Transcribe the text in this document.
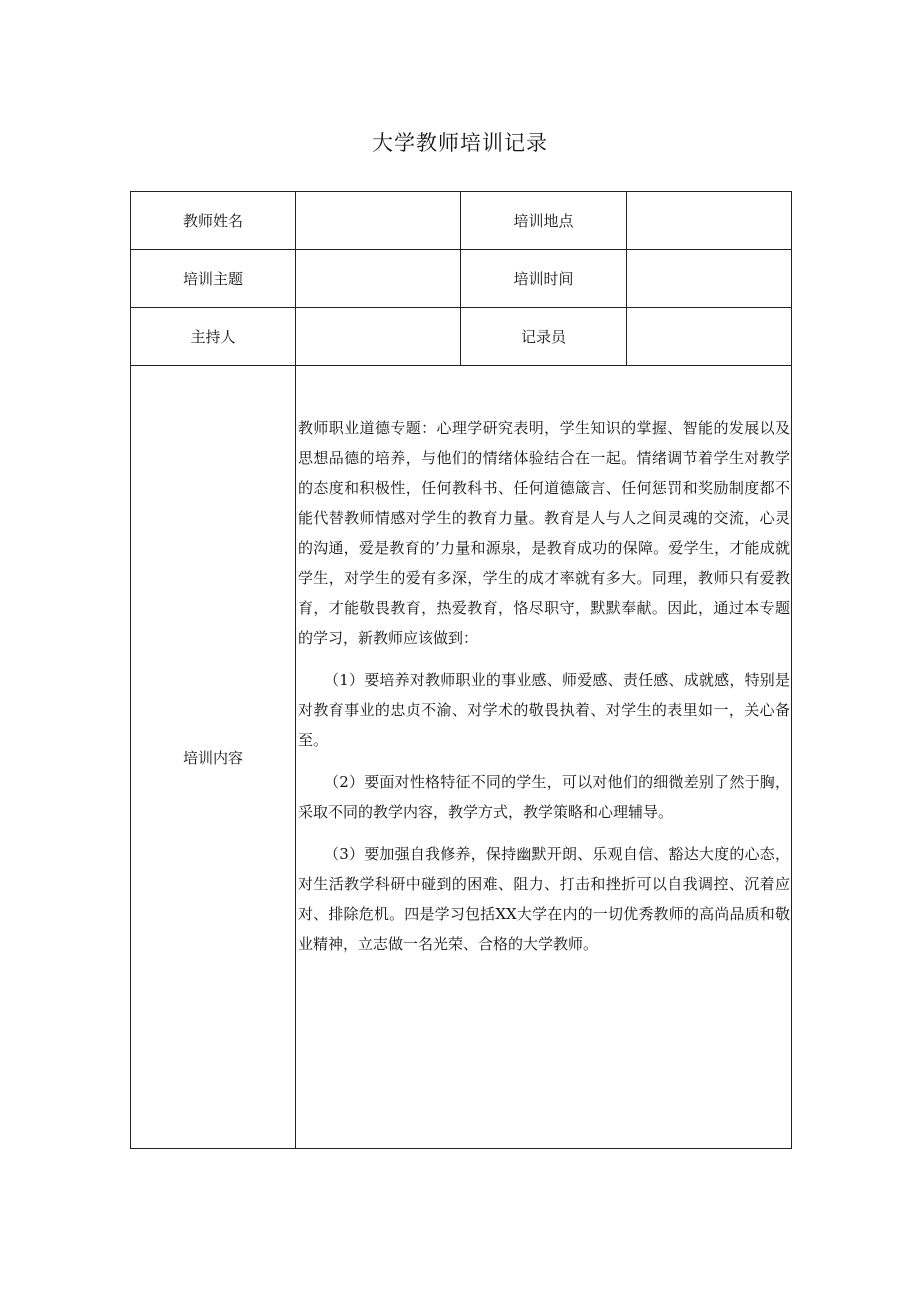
大学教师培训记录
教师姓名		培训地点	
培训主题		培训时间	
主持人		记录员	
培训内容	教师职业道德专题：心理学研究表明，学生知识的掌握、智能的发展以及思想品德的培养，与他们的情绪体验结合在一起。情绪调节着学生对教学的态度和积极性，任何教科书、任何道德箴言、任何惩罚和奖励制度都不能代替教师情感对学生的教育力量。教育是人与人之间灵魂的交流，心灵的沟通，爱是教育的’力量和源泉，是教育成功的保障。爱学生，才能成就学生，对学生的爱有多深，学生的成才率就有多大。同理，教师只有爱教育，才能敬畏教育，热爱教育，恪尽职守，默默奉献。因此，通过本专题的学习，新教师应该做到：

（1）要培养对教师职业的事业感、师爱感、责任感、成就感，特别是对教育事业的忠贞不渝、对学术的敬畏执着、对学生的表里如一，关心备至。

（2）要面对性格特征不同的学生，可以对他们的细微差别了然于胸，采取不同的教学内容，教学方式，教学策略和心理辅导。

（3）要加强自我修养，保持幽默开朗、乐观自信、豁达大度的心态，对生活教学科研中碰到的困难、阻力、打击和挫折可以自我调控、沉着应对、排除危机。四是学习包括XX大学在内的一切优秀教师的高尚品质和敬业精神，立志做一名光荣、合格的大学教师。		
